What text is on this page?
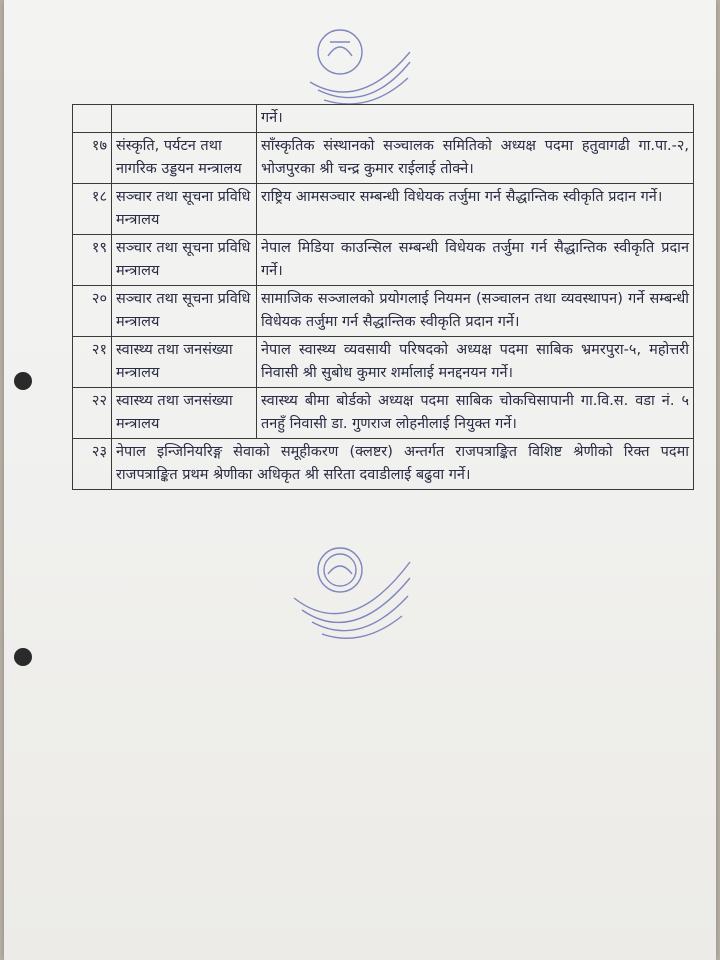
		गर्ने।
१७	संस्कृति, पर्यटन तथा नागरिक उड्डयन मन्त्रालय	साँस्कृतिक संस्थानको सञ्चालक समितिको अध्यक्ष पदमा हतुवागढी गा.पा.-२, भोजपुरका श्री चन्द्र कुमार राईलाई तोक्ने।
१८	सञ्चार तथा सूचना प्रविधि मन्त्रालय	राष्ट्रिय आमसञ्चार सम्बन्धी विधेयक तर्जुमा गर्न सैद्धान्तिक स्वीकृति प्रदान गर्ने।
१९	सञ्चार तथा सूचना प्रविधि मन्त्रालय	नेपाल मिडिया काउन्सिल सम्बन्धी विधेयक तर्जुमा गर्न सैद्धान्तिक स्वीकृति प्रदान गर्ने।
२०	सञ्चार तथा सूचना प्रविधि मन्त्रालय	सामाजिक सञ्जालको प्रयोगलाई नियमन (सञ्चालन तथा व्यवस्थापन) गर्ने सम्बन्धी विधेयक तर्जुमा गर्न सैद्धान्तिक स्वीकृति प्रदान गर्ने।
२१	स्वास्थ्य तथा जनसंख्या मन्त्रालय	नेपाल स्वास्थ्य व्यवसायी परिषदको अध्यक्ष पदमा साबिक भ्रमरपुरा-५, महोत्तरी निवासी श्री सुबोध कुमार शर्मालाई मनद्दनयन गर्ने।
२२	स्वास्थ्य तथा जनसंख्या मन्त्रालय	स्वास्थ्य बीमा बोर्डको अध्यक्ष पदमा साबिक चोकचिसापानी गा.वि.स. वडा नं. ५ तनहुँ निवासी डा. गुणराज लोहनीलाई नियुक्त गर्ने।
२३	नेपाल इन्जिनियरिङ्ग सेवाको समूहीकरण (क्लष्टर) अन्तर्गत राजपत्राङ्कित विशिष्ट श्रेणीको रिक्त पदमा राजपत्राङ्कित प्रथम श्रेणीका अधिकृत श्री सरिता दवाडीलाई बढुवा गर्ने।	
